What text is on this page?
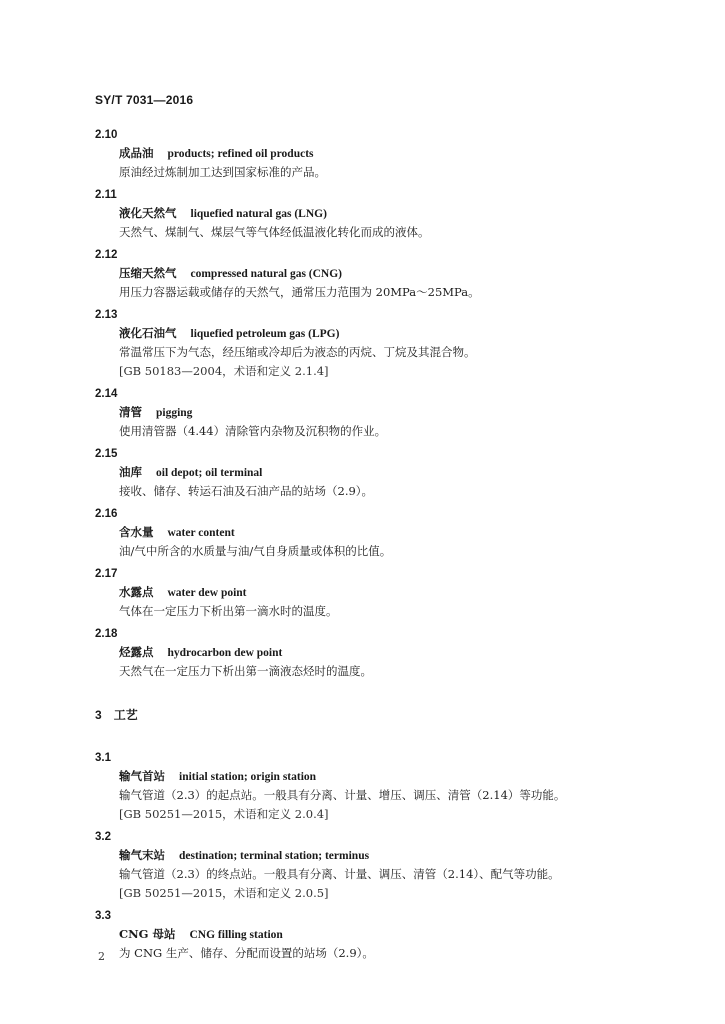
SY/T 7031—2016
2.10
成品油 products; refined oil products
原油经过炼制加工达到国家标准的产品。
2.11
液化天然气 liquefied natural gas (LNG)
天然气、煤制气、煤层气等气体经低温液化转化而成的液体。
2.12
压缩天然气 compressed natural gas (CNG)
用压力容器运载或储存的天然气，通常压力范围为 20MPa～25MPa。
2.13
液化石油气 liquefied petroleum gas (LPG)
常温常压下为气态，经压缩或冷却后为液态的丙烷、丁烷及其混合物。
[GB 50183—2004，术语和定义 2.1.4]
2.14
清管 pigging
使用清管器（4.44）清除管内杂物及沉积物的作业。
2.15
油库 oil depot; oil terminal
接收、储存、转运石油及石油产品的站场（2.9）。
2.16
含水量 water content
油/气中所含的水质量与油/气自身质量或体积的比值。
2.17
水露点 water dew point
气体在一定压力下析出第一滴水时的温度。
2.18
烃露点 hydrocarbon dew point
天然气在一定压力下析出第一滴液态烃时的温度。
3 工艺
3.1
输气首站 initial station; origin station
输气管道（2.3）的起点站。一般具有分离、计量、增压、调压、清管（2.14）等功能。
[GB 50251—2015，术语和定义 2.0.4]
3.2
输气末站 destination; terminal station; terminus
输气管道（2.3）的终点站。一般具有分离、计量、调压、清管（2.14）、配气等功能。
[GB 50251—2015，术语和定义 2.0.5]
3.3
CNG 母站 CNG filling station
为 CNG 生产、储存、分配而设置的站场（2.9）。
2
